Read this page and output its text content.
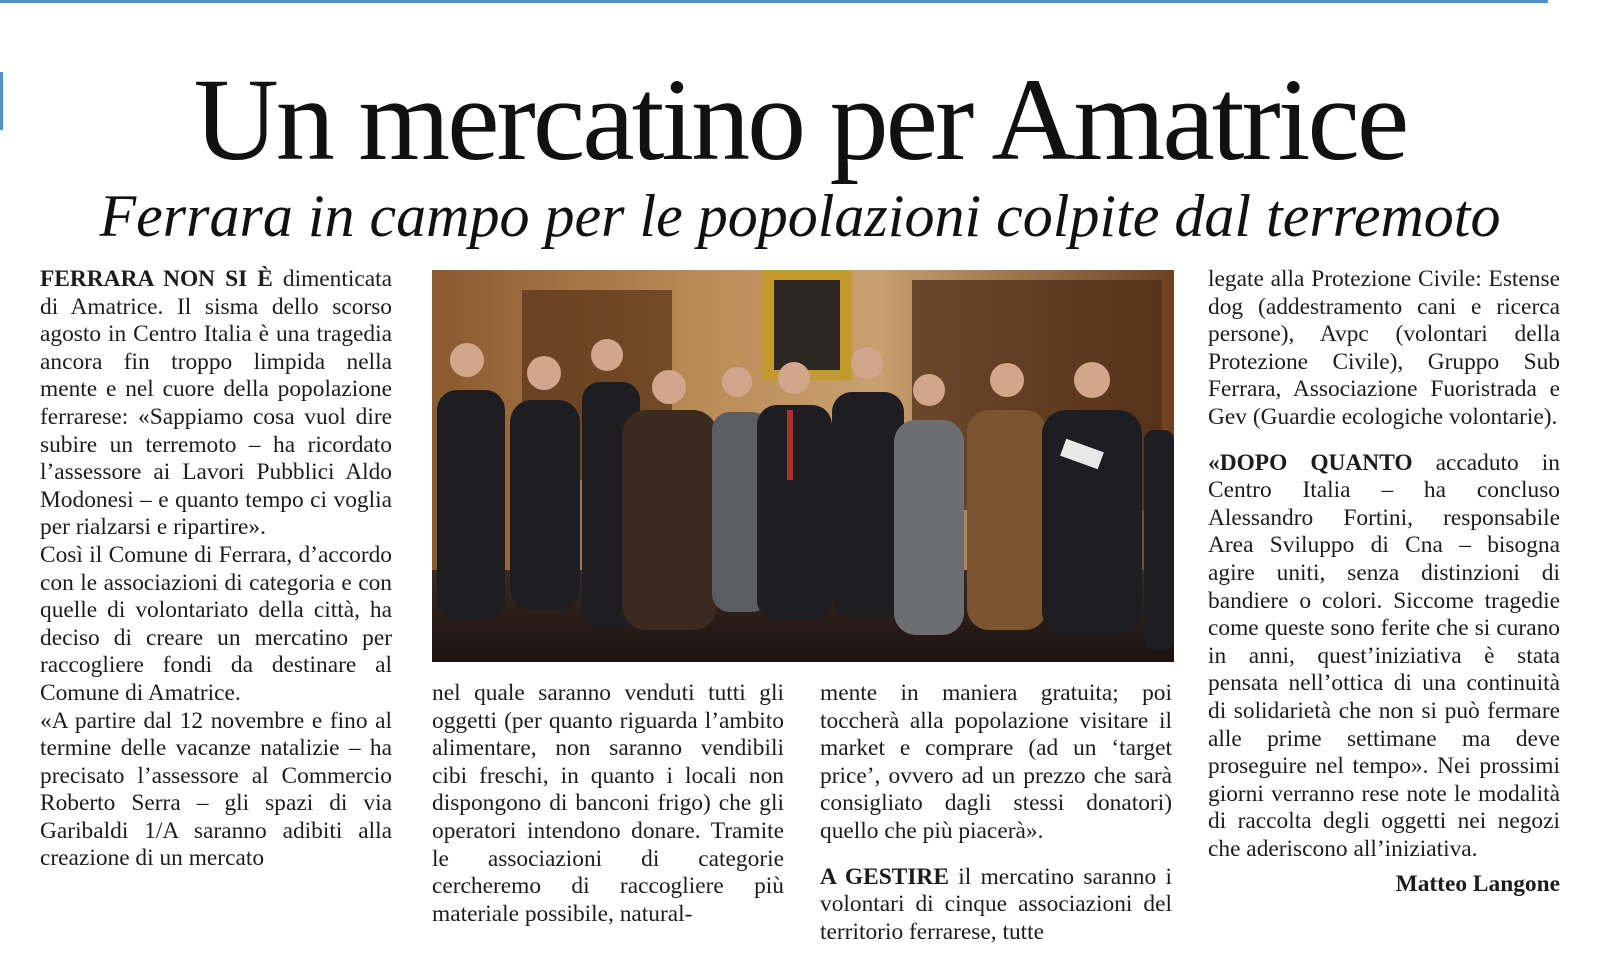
Un mercatino per Amatrice
Ferrara in campo per le popolazioni colpite dal terremoto

FERRARA NON SI È dimenticata di Amatrice. Il sisma dello scorso agosto in Centro Italia è una tragedia ancora fin troppo limpida nella mente e nel cuore della popolazione ferrarese: «Sappiamo cosa vuol dire subire un terremoto – ha ricordato l’assessore ai Lavori Pubblici Aldo Modonesi – e quanto tempo ci voglia per rialzarsi e ripartire».

Così il Comune di Ferrara, d’accordo con le associazioni di categoria e con quelle di volontariato della città, ha deciso di creare un mercatino per raccogliere fondi da destinare al Comune di Amatrice.

«A partire dal 12 novembre e fino al termine delle vacanze natalizie – ha precisato l’assessore al Commercio Roberto Serra – gli spazi di via Garibaldi 1/A saranno adibiti alla creazione di un mercato

nel quale saranno venduti tutti gli oggetti (per quanto riguarda l’ambito alimentare, non saranno vendibili cibi freschi, in quanto i locali non dispongono di banconi frigo) che gli operatori intendono donare. Tramite le associazioni di categorie cercheremo di raccogliere più materiale possibile, natural-

mente in maniera gratuita; poi toccherà alla popolazione visitare il market e comprare (ad un ‘target price’, ovvero ad un prezzo che sarà consigliato dagli stessi donatori) quello che più piacerà».

A GESTIRE il mercatino saranno i volontari di cinque associazioni del territorio ferrarese, tutte

legate alla Protezione Civile: Estense dog (addestramento cani e ricerca persone), Avpc (volontari della Protezione Civile), Gruppo Sub Ferrara, Associazione Fuoristrada e Gev (Guardie ecologiche volontarie).

«DOPO QUANTO accaduto in Centro Italia – ha concluso Alessandro Fortini, responsabile Area Sviluppo di Cna – bisogna agire uniti, senza distinzioni di bandiere o colori. Siccome tragedie come queste sono ferite che si curano in anni, quest’iniziativa è stata pensata nell’ottica di una continuità di solidarietà che non si può fermare alle prime settimane ma deve proseguire nel tempo». Nei prossimi giorni verranno rese note le modalità di raccolta degli oggetti nei negozi che aderiscono all’iniziativa.

Matteo Langone
